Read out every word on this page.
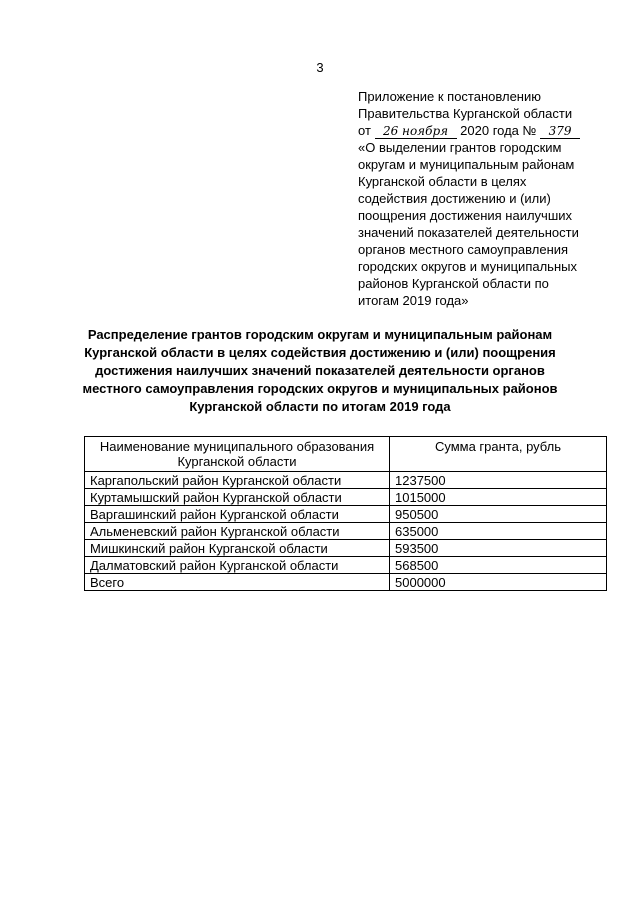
3
Приложение к постановлению
Правительства Курганской области
от 26 ноября 2020 года № 379
«О выделении грантов городским
округам и муниципальным районам
Курганской области в целях
содействия достижению и (или)
поощрения достижения наилучших
значений показателей деятельности
органов местного самоуправления
городских округов и муниципальных
районов Курганской области по
итогам 2019 года»
Распределение грантов городским округам и муниципальным районам
Курганской области в целях содействия достижению и (или) поощрения
достижения наилучших значений показателей деятельности органов
местного самоуправления городских округов и муниципальных районов
Курганской области по итогам 2019 года
Наименование муниципального образования
Курганской области	Сумма гранта, рубль
Каргапольский район Курганской области	1237500
Куртамышский район Курганской области	1015000
Варгашинский район Курганской области	950500
Альменевский район Курганской области	635000
Мишкинский район Курганской области	593500
Далматовский район Курганской области	568500
Всего	5000000
